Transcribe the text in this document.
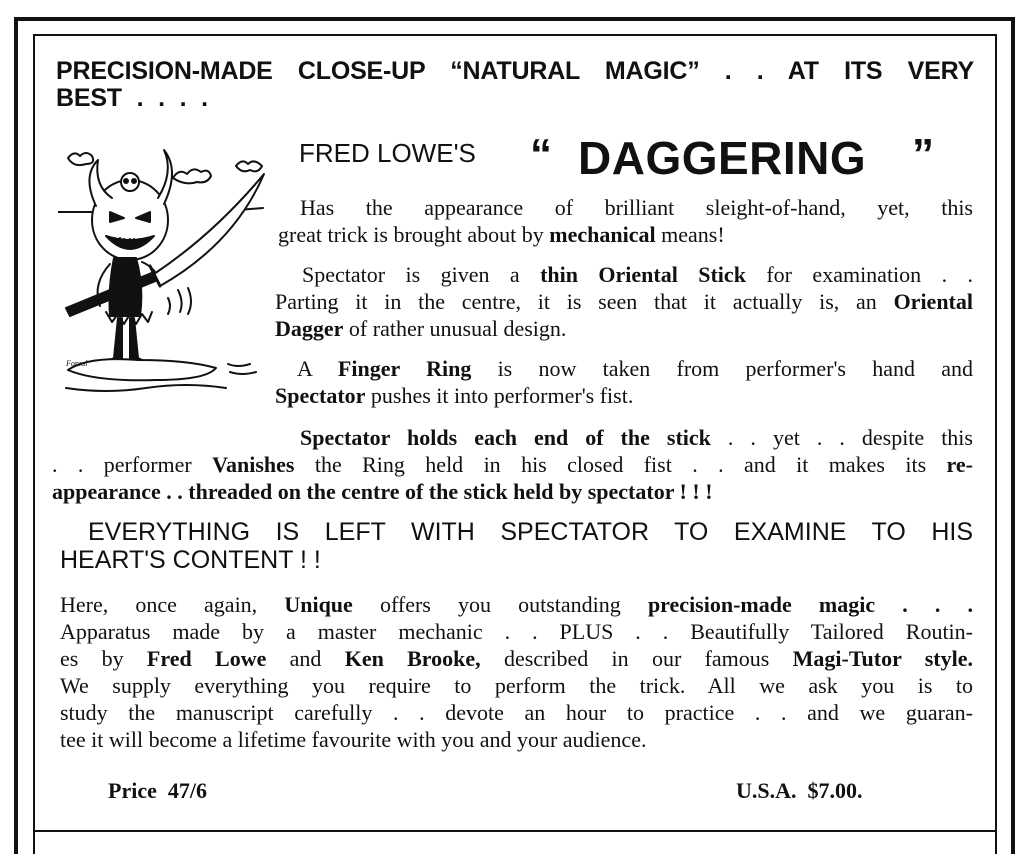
PRECISION-MADE CLOSE-UP “NATURAL MAGIC” . . AT ITS VERY
BEST . . . .
Foreal
FRED LOWE'S “ DAGGERING ”
Has the appearance of brilliant sleight-of-hand, yet, this
great trick is brought about by mechanical means!
Spectator is given a thin Oriental Stick for examination . .
Parting it in the centre, it is seen that it actually is, an Oriental
Dagger of rather unusual design.
A Finger Ring is now taken from performer's hand and
Spectator pushes it into performer's fist.
Spectator holds each end of the stick . . yet . . despite this
. . performer Vanishes the Ring held in his closed fist . . and it makes its re-
appearance . . threaded on the centre of the stick held by spectator ! ! !
EVERYTHING IS LEFT WITH SPECTATOR TO EXAMINE TO HIS
HEART'S CONTENT ! !
Here, once again, Unique offers you outstanding precision-made magic . . .
Apparatus made by a master mechanic . . PLUS . . Beautifully Tailored Routin-
es by Fred Lowe and Ken Brooke, described in our famous Magi-Tutor style.
We supply everything you require to perform the trick. All we ask you is to
study the manuscript carefully . . devote an hour to practice . . and we guaran-
tee it will become a lifetime favourite with you and your audience.
Price 47/6	U.S.A. $7.00.
